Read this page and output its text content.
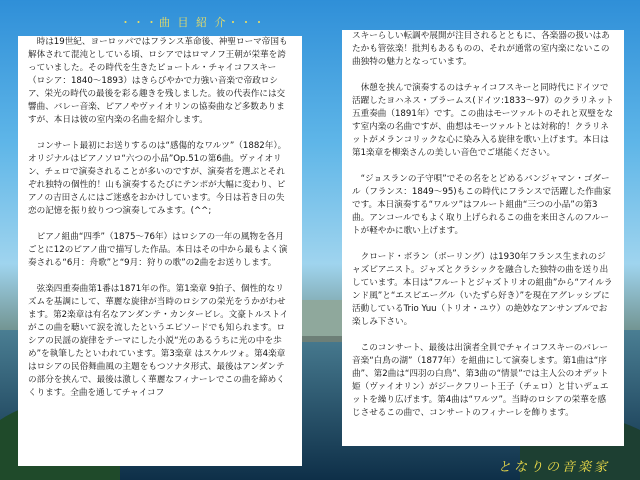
・・・曲 目 紹 介・・・

　時は19世紀、ヨーロッパではフランス革命後、神聖ローマ帝国も解体されて混沌としている頃、ロシアではロマノフ王朝が栄華を誇っていました。その時代を生きたピョートル・チャイコフスキー（ロシア：1840～1893）はきらびやかで力強い音楽で帝政ロシア、栄光の時代の最後を彩る趣きを残しました。彼の代表作には交響曲、バレー音楽、ピアノやヴァイオリンの協奏曲など多数ありますが、本日は彼の室内楽の名曲を紹介します。

　コンサート最初にお送りするのは“感傷的なワルツ”（1882年）。オリジナルはピアノソロ“六つの小品”Op.51の第6曲。ヴァイオリン、チェロで演奏されることが多いのですが、演奏者を選ぶとそれぞれ独特の個性的！山も演奏するたびにテンポが大幅に変わり、ピアノの吉田さんにはご迷惑をおかけしています。今日は若き日の失恋の記憶を振り絞りつつ演奏してみます。(^^;

　ピアノ組曲“四季”（1875～76年）はロシアの一年の風物を各月ごとに12のピアノ曲で描写した作品。本日はその中から最もよく演奏される“6月：舟歌”と“9月：狩りの歌”の2曲をお送りします。

　弦楽四重奏曲第1番は1871年の作。第1楽章 9拍子、個性的なリズムを基調にして、華麗な旋律が当時のロシアの栄光をうかがわせます。第2楽章は有名なアンダンテ・カンタービレ。文豪トルストイがこの曲を聴いて涙を流したというエピソードでも知られます。ロシアの民謡の旋律をテーマにした小説“光のあるうちに光の中を歩め”を執筆したといわれています。第3楽章 はスケルツォ。第4楽章はロシアの民俗舞曲風の主題をもつソナタ形式、最後はアンダンテの部分を挟んで、最後は激しく華麗なフィナーレでこの曲を締めくくります。全曲を通してチャイコフ

スキーらしい転調や展開が注目されるとともに、各楽器の扱いはあたかも管弦楽！批判もあるものの、それが通常の室内楽にないこの曲独特の魅力となっています。

　休憩を挟んで演奏するのはチャイコフスキーと同時代にドイツで活躍したヨハネス・ブラームス(ドイツ:1833～97）のクラリネット五重奏曲（1891年）です。この曲はモーツァルトのそれと双璧をなす室内楽の名曲ですが、曲想はモーツァルトとは対称的！クラリネットがメランコリックな心に染み入る旋律を歌い上げます。本日は第1楽章を柳楽さんの美しい音色でご堪能ください。

　“ジョスランの子守唄”でその名をとどめるバンジャマン・ゴダール（フランス：1849～95)もこの時代にフランスで活躍した作曲家です。本日演奏する“ワルツ”はフルート組曲“三つの小品”の第3曲。アンコールでもよく取り上げられるこの曲を来田さんのフルートが軽やかに歌い上げます。

　クロード・ボラン（ボーリング）は1930年フランス生まれのジャズピアニスト。ジャズとクラシックを融合した独特の曲を送り出しています。本日は“フルートとジャズトリオの組曲”から“アイルランド風”と“エスピエーグル（いたずら好き）”を現在アグレッシブに活動しているTrio Yuu（トリオ・ユウ）の絶妙なアンサンブルでお楽しみ下さい。

　このコンサート、最後は出演者全員でチャイコフスキーのバレー音楽“白鳥の湖”（1877年）を組曲にして演奏します。第1曲は“序曲”、第2曲は“四羽の白鳥”、第3曲の“情景”では主人公のオデット姫（ヴァイオリン）がジークフリート王子（チェロ）と甘いデュエットを繰り広げます。第4曲は“ワルツ”。当時のロシアの栄華を感じさせるこの曲で、コンサートのフィナーレを飾ります。

となりの音楽家
